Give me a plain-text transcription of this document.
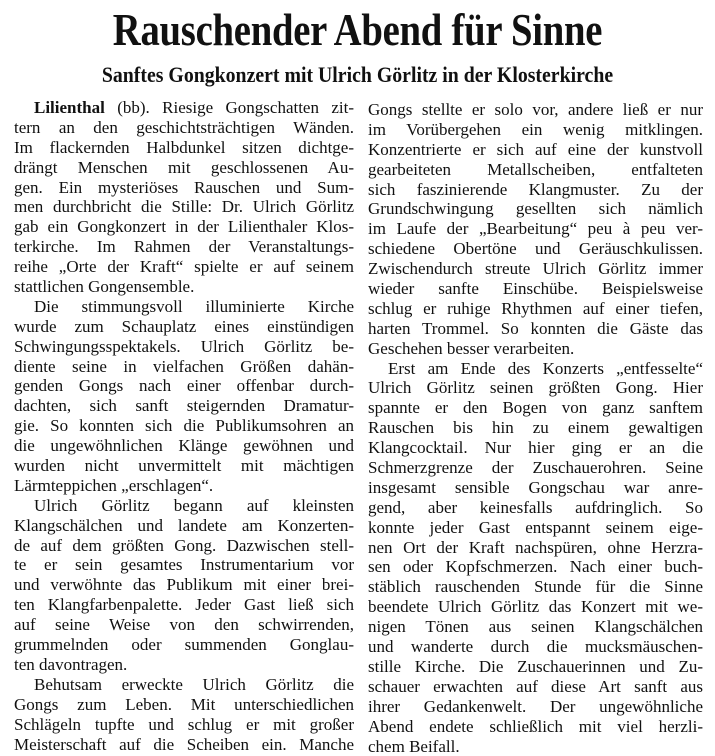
Rauschender Abend für Sinne
Sanftes Gongkonzert mit Ulrich Görlitz in der Klosterkirche
Lilienthal (bb). Riesige Gongschatten zit-
tern an den geschichtsträchtigen Wänden.
Im flackernden Halbdunkel sitzen dichtge-
drängt Menschen mit geschlossenen Au-
gen. Ein mysteriöses Rauschen und Sum-
men durchbricht die Stille: Dr. Ulrich Görlitz
gab ein Gongkonzert in der Lilienthaler Klos-
terkirche. Im Rahmen der Veranstaltungs-
reihe „Orte der Kraft“ spielte er auf seinem
stattlichen Gongensemble.
Die stimmungsvoll illuminierte Kirche
wurde zum Schauplatz eines einstündigen
Schwingungsspektakels. Ulrich Görlitz be-
diente seine in vielfachen Größen dahän-
genden Gongs nach einer offenbar durch-
dachten, sich sanft steigernden Dramatur-
gie. So konnten sich die Publikumsohren an
die ungewöhnlichen Klänge gewöhnen und
wurden nicht unvermittelt mit mächtigen
Lärmteppichen „erschlagen“.
Ulrich Görlitz begann auf kleinsten
Klangschälchen und landete am Konzerten-
de auf dem größten Gong. Dazwischen stell-
te er sein gesamtes Instrumentarium vor
und verwöhnte das Publikum mit einer brei-
ten Klangfarbenpalette. Jeder Gast ließ sich
auf seine Weise von den schwirrenden,
grummelnden oder summenden Gonglau-
ten davontragen.
Behutsam erweckte Ulrich Görlitz die
Gongs zum Leben. Mit unterschiedlichen
Schlägeln tupfte und schlug er mit großer
Meisterschaft auf die Scheiben ein. Manche
Gongs stellte er solo vor, andere ließ er nur
im Vorübergehen ein wenig mitklingen.
Konzentrierte er sich auf eine der kunstvoll
gearbeiteten Metallscheiben, entfalteten
sich faszinierende Klangmuster. Zu der
Grundschwingung gesellten sich nämlich
im Laufe der „Bearbeitung“ peu à peu ver-
schiedene Obertöne und Geräuschkulissen.
Zwischendurch streute Ulrich Görlitz immer
wieder sanfte Einschübe. Beispielsweise
schlug er ruhige Rhythmen auf einer tiefen,
harten Trommel. So konnten die Gäste das
Geschehen besser verarbeiten.
Erst am Ende des Konzerts „entfesselte“
Ulrich Görlitz seinen größten Gong. Hier
spannte er den Bogen von ganz sanftem
Rauschen bis hin zu einem gewaltigen
Klangcocktail. Nur hier ging er an die
Schmerzgrenze der Zuschauerohren. Seine
insgesamt sensible Gongschau war anre-
gend, aber keinesfalls aufdringlich. So
konnte jeder Gast entspannt seinem eige-
nen Ort der Kraft nachspüren, ohne Herzra-
sen oder Kopfschmerzen. Nach einer buch-
stäblich rauschenden Stunde für die Sinne
beendete Ulrich Görlitz das Konzert mit we-
nigen Tönen aus seinen Klangschälchen
und wanderte durch die mucksmäuschen-
stille Kirche. Die Zuschauerinnen und Zu-
schauer erwachten auf diese Art sanft aus
ihrer Gedankenwelt. Der ungewöhnliche
Abend endete schließlich mit viel herzli-
chem Beifall.
